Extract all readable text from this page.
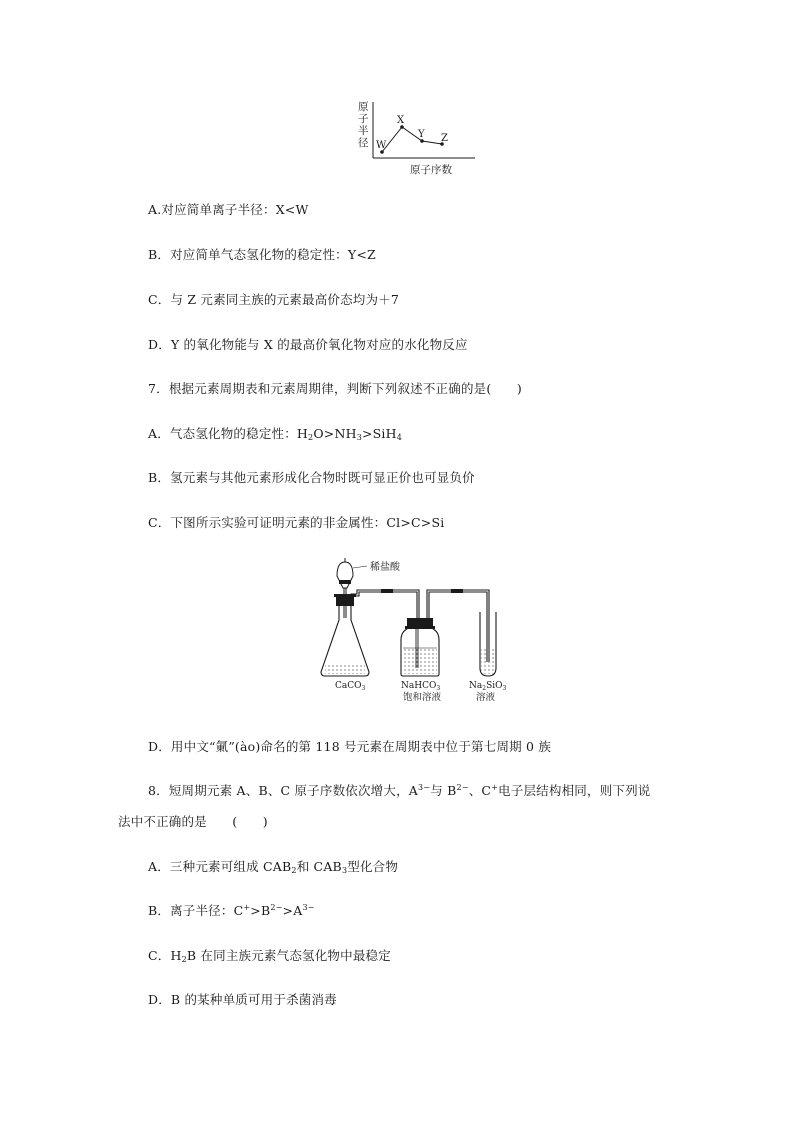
原
子
半
径 W
X
Y Z
原子序数
A.对应简单离子半径：X<W
B．对应简单气态氢化物的稳定性：Y<Z
C．与 Z 元素同主族的元素最高价态均为＋7
D．Y 的氧化物能与 X 的最高价氧化物对应的水化物反应
7．根据元素周期表和元素周期律，判断下列叙述不正确的是(　　)
A．气态氢化物的稳定性：$H_2O>NH_3>SiH_4$
B．氢元素与其他元素形成化合物时既可显正价也可显负价
C．下图所示实验可证明元素的非金属性：Cl>C>Si
稀盐酸
CaCO$_3$	NaHCO$_3$
饱和溶液
$Na_2SiO_3$
溶液
D．用中文“氭”(ào)命名的第 118 号元素在周期表中位于第七周期 0 族
8．短周期元素 A、B、C 原子序数依次增大，$A^{3-}$与 $B^{2-}$、C+电子层结构相同，则下列说
法中不正确的是　　(　　)
A．三种元素可组成 $CAB_2$和 $CAB_3$型化合物
B．离子半径：$C^+>B^{2-}>A^{3-}$
C．$H_2B$ 在同主族元素气态氢化物中最稳定
D．B 的某种单质可用于杀菌消毒
